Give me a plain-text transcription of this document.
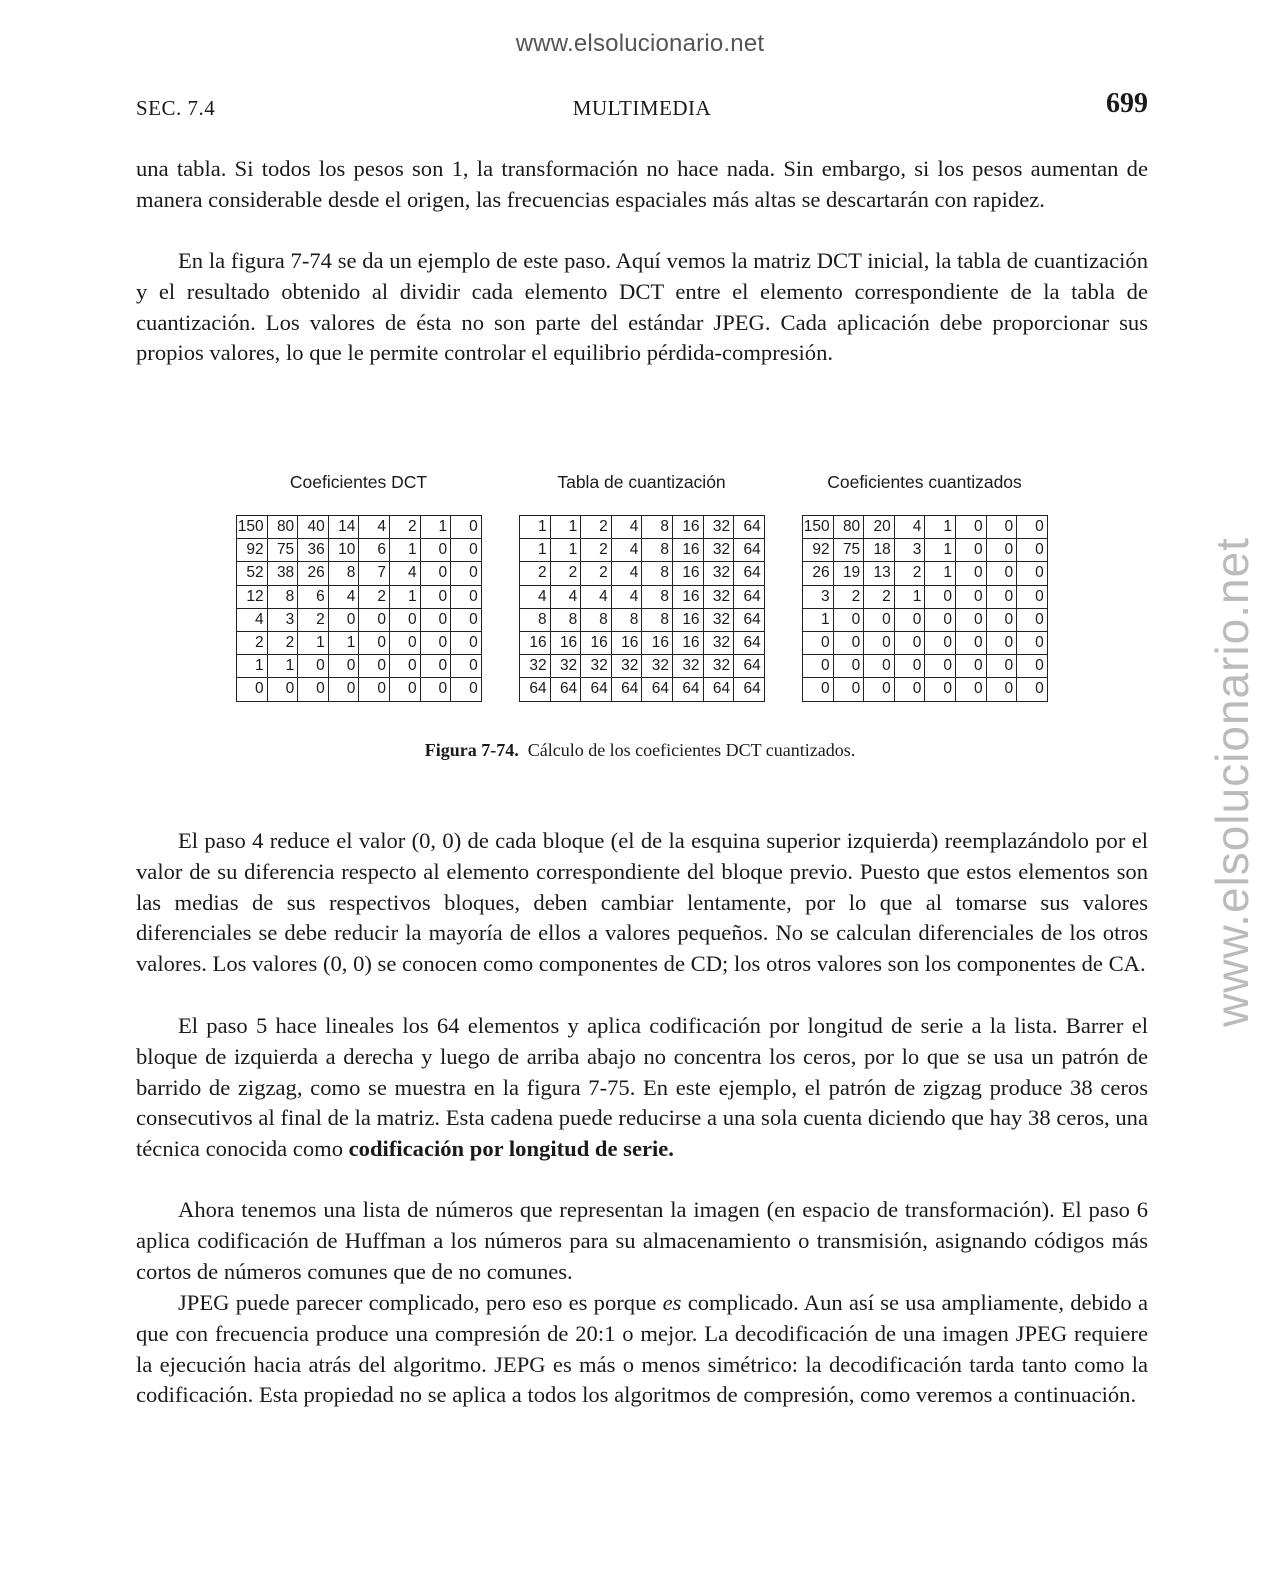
www.elsolucionario.net
www.elsolucionario.net
SEC. 7.4	MULTIMEDIA	699

una tabla. Si todos los pesos son 1, la transformación no hace nada. Sin embargo, si los pesos aumentan de manera considerable desde el origen, las frecuencias espaciales más altas se descartarán con rapidez.

En la figura 7-74 se da un ejemplo de este paso. Aquí vemos la matriz DCT inicial, la tabla de cuantización y el resultado obtenido al dividir cada elemento DCT entre el elemento correspondiente de la tabla de cuantización. Los valores de ésta no son parte del estándar JPEG. Cada aplicación debe proporcionar sus propios valores, lo que le permite controlar el equilibrio pérdida-compresión.

Coeficientes DCT
150	80	40	14	4	2	1	0
92	75	36	10	6	1	0	0
52	38	26	8	7	4	0	0
12	8	6	4	2	1	0	0
4	3	2	0	0	0	0	0
2	2	1	1	0	0	0	0
1	1	0	0	0	0	0	0
0	0	0	0	0	0	0	0
Tabla de cuantización
1	1	2	4	8	16	32	64
1	1	2	4	8	16	32	64
2	2	2	4	8	16	32	64
4	4	4	4	8	16	32	64
8	8	8	8	8	16	32	64
16	16	16	16	16	16	32	64
32	32	32	32	32	32	32	64
64	64	64	64	64	64	64	64
Coeficientes cuantizados
150	80	20	4	1	0	0	0
92	75	18	3	1	0	0	0
26	19	13	2	1	0	0	0
3	2	2	1	0	0	0	0
1	0	0	0	0	0	0	0
0	0	0	0	0	0	0	0
0	0	0	0	0	0	0	0
0	0	0	0	0	0	0	0
Figura 7-74. Cálculo de los coeficientes DCT cuantizados.

El paso 4 reduce el valor (0, 0) de cada bloque (el de la esquina superior izquierda) reemplazándolo por el valor de su diferencia respecto al elemento correspondiente del bloque previo. Puesto que estos elementos son las medias de sus respectivos bloques, deben cambiar lentamente, por lo que al tomarse sus valores diferenciales se debe reducir la mayoría de ellos a valores pequeños. No se calculan diferenciales de los otros valores. Los valores (0, 0) se conocen como componentes de CD; los otros valores son los componentes de CA.

El paso 5 hace lineales los 64 elementos y aplica codificación por longitud de serie a la lista. Barrer el bloque de izquierda a derecha y luego de arriba abajo no concentra los ceros, por lo que se usa un patrón de barrido de zigzag, como se muestra en la figura 7-75. En este ejemplo, el patrón de zigzag produce 38 ceros consecutivos al final de la matriz. Esta cadena puede reducirse a una sola cuenta diciendo que hay 38 ceros, una técnica conocida como codificación por longitud de serie.

Ahora tenemos una lista de números que representan la imagen (en espacio de transformación). El paso 6 aplica codificación de Huffman a los números para su almacenamiento o transmisión, asignando códigos más cortos de números comunes que de no comunes.

JPEG puede parecer complicado, pero eso es porque es complicado. Aun así se usa ampliamente, debido a que con frecuencia produce una compresión de 20:1 o mejor. La decodificación de una imagen JPEG requiere la ejecución hacia atrás del algoritmo. JEPG es más o menos simétrico: la decodificación tarda tanto como la codificación. Esta propiedad no se aplica a todos los algoritmos de compresión, como veremos a continuación.
